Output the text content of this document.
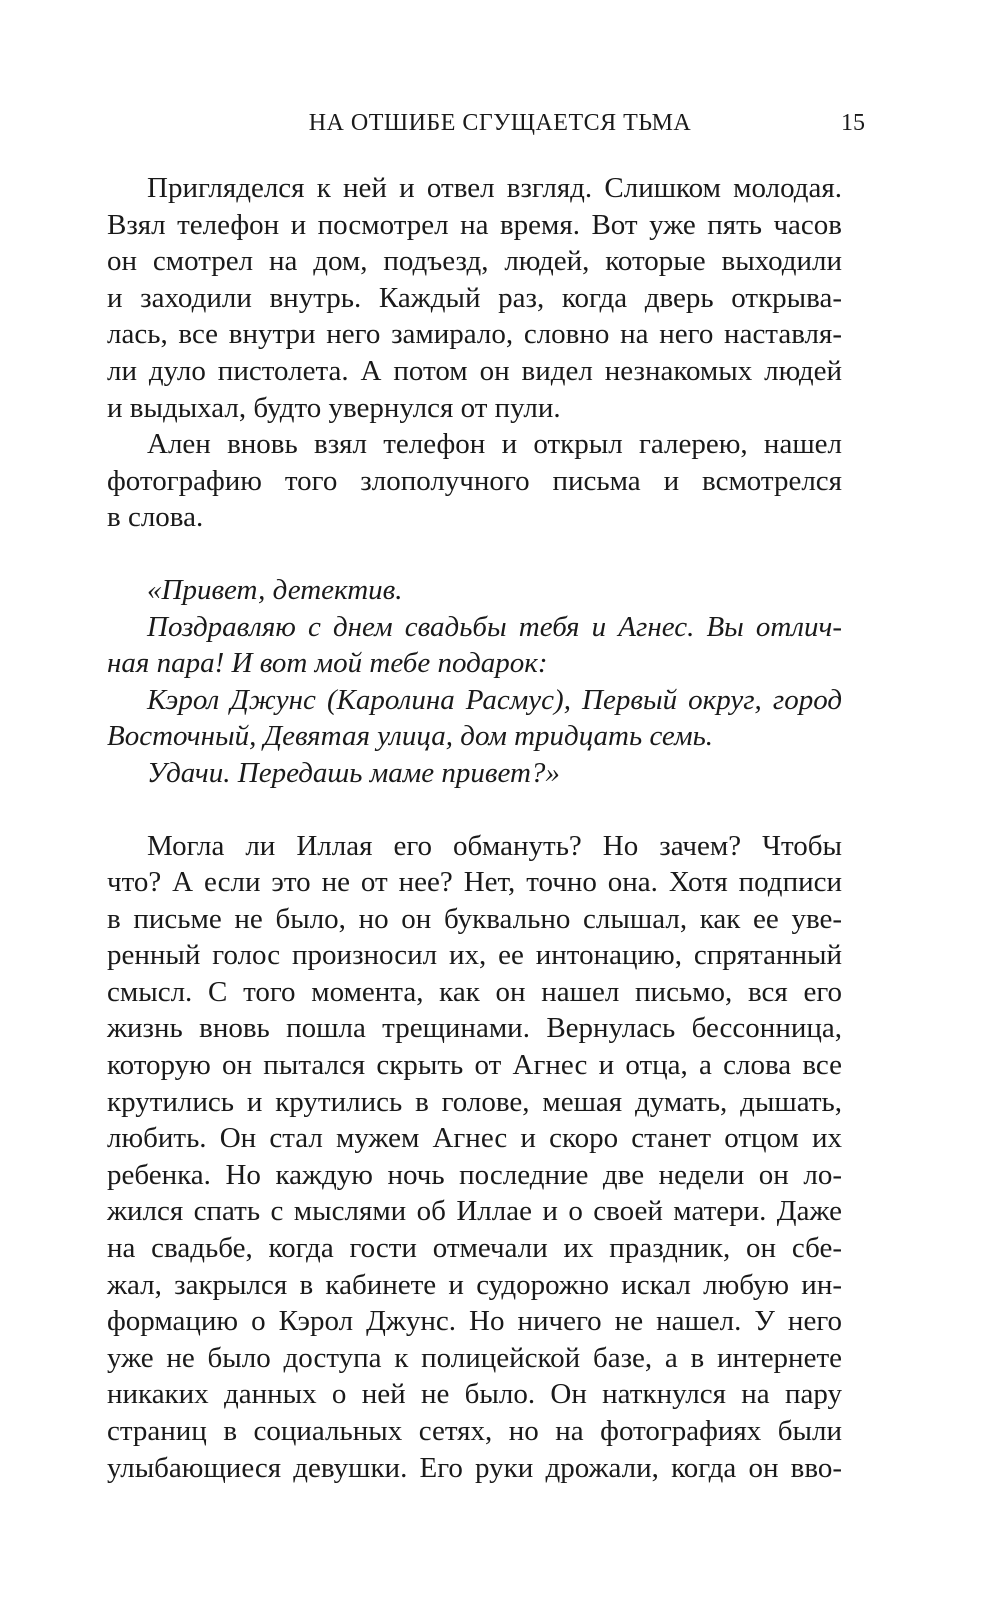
НА ОТШИБЕ СГУЩАЕТСЯ ТЬМА	15
Пригляделся к ней и отвел взгляд. Слишком молодая.
Взял телефон и посмотрел на время. Вот уже пять часов
он смотрел на дом, подъезд, людей, которые выходили
и заходили внутрь. Каждый раз, когда дверь открыва-
лась, все внутри него замирало, словно на него наставля-
ли дуло пистолета. А потом он видел незнакомых людей
и выдыхал, будто увернулся от пули.
Ален вновь взял телефон и открыл галерею, нашел
фотографию того злополучного письма и всмотрелся
в слова.
«Привет, детектив.
Поздравляю с днем свадьбы тебя и Агнес. Вы отлич-
ная пара! И вот мой тебе подарок:
Кэрол Джунс (Каролина Расмус), Первый округ, город
Восточный, Девятая улица, дом тридцать семь.
Удачи. Передашь маме привет?»
Могла ли Иллая его обмануть? Но зачем? Чтобы
что? А если это не от нее? Нет, точно она. Хотя подписи
в письме не было, но он буквально слышал, как ее уве-
ренный голос произносил их, ее интонацию, спрятанный
смысл. С того момента, как он нашел письмо, вся его
жизнь вновь пошла трещинами. Вернулась бессонница,
которую он пытался скрыть от Агнес и отца, а слова все
крутились и крутились в голове, мешая думать, дышать,
любить. Он стал мужем Агнес и скоро станет отцом их
ребенка. Но каждую ночь последние две недели он ло-
жился спать с мыслями об Иллае и о своей матери. Даже
на свадьбе, когда гости отмечали их праздник, он сбе-
жал, закрылся в кабинете и судорожно искал любую ин-
формацию о Кэрол Джунс. Но ничего не нашел. У него
уже не было доступа к полицейской базе, а в интернете
никаких данных о ней не было. Он наткнулся на пару
страниц в социальных сетях, но на фотографиях были
улыбающиеся девушки. Его руки дрожали, когда он вво-
